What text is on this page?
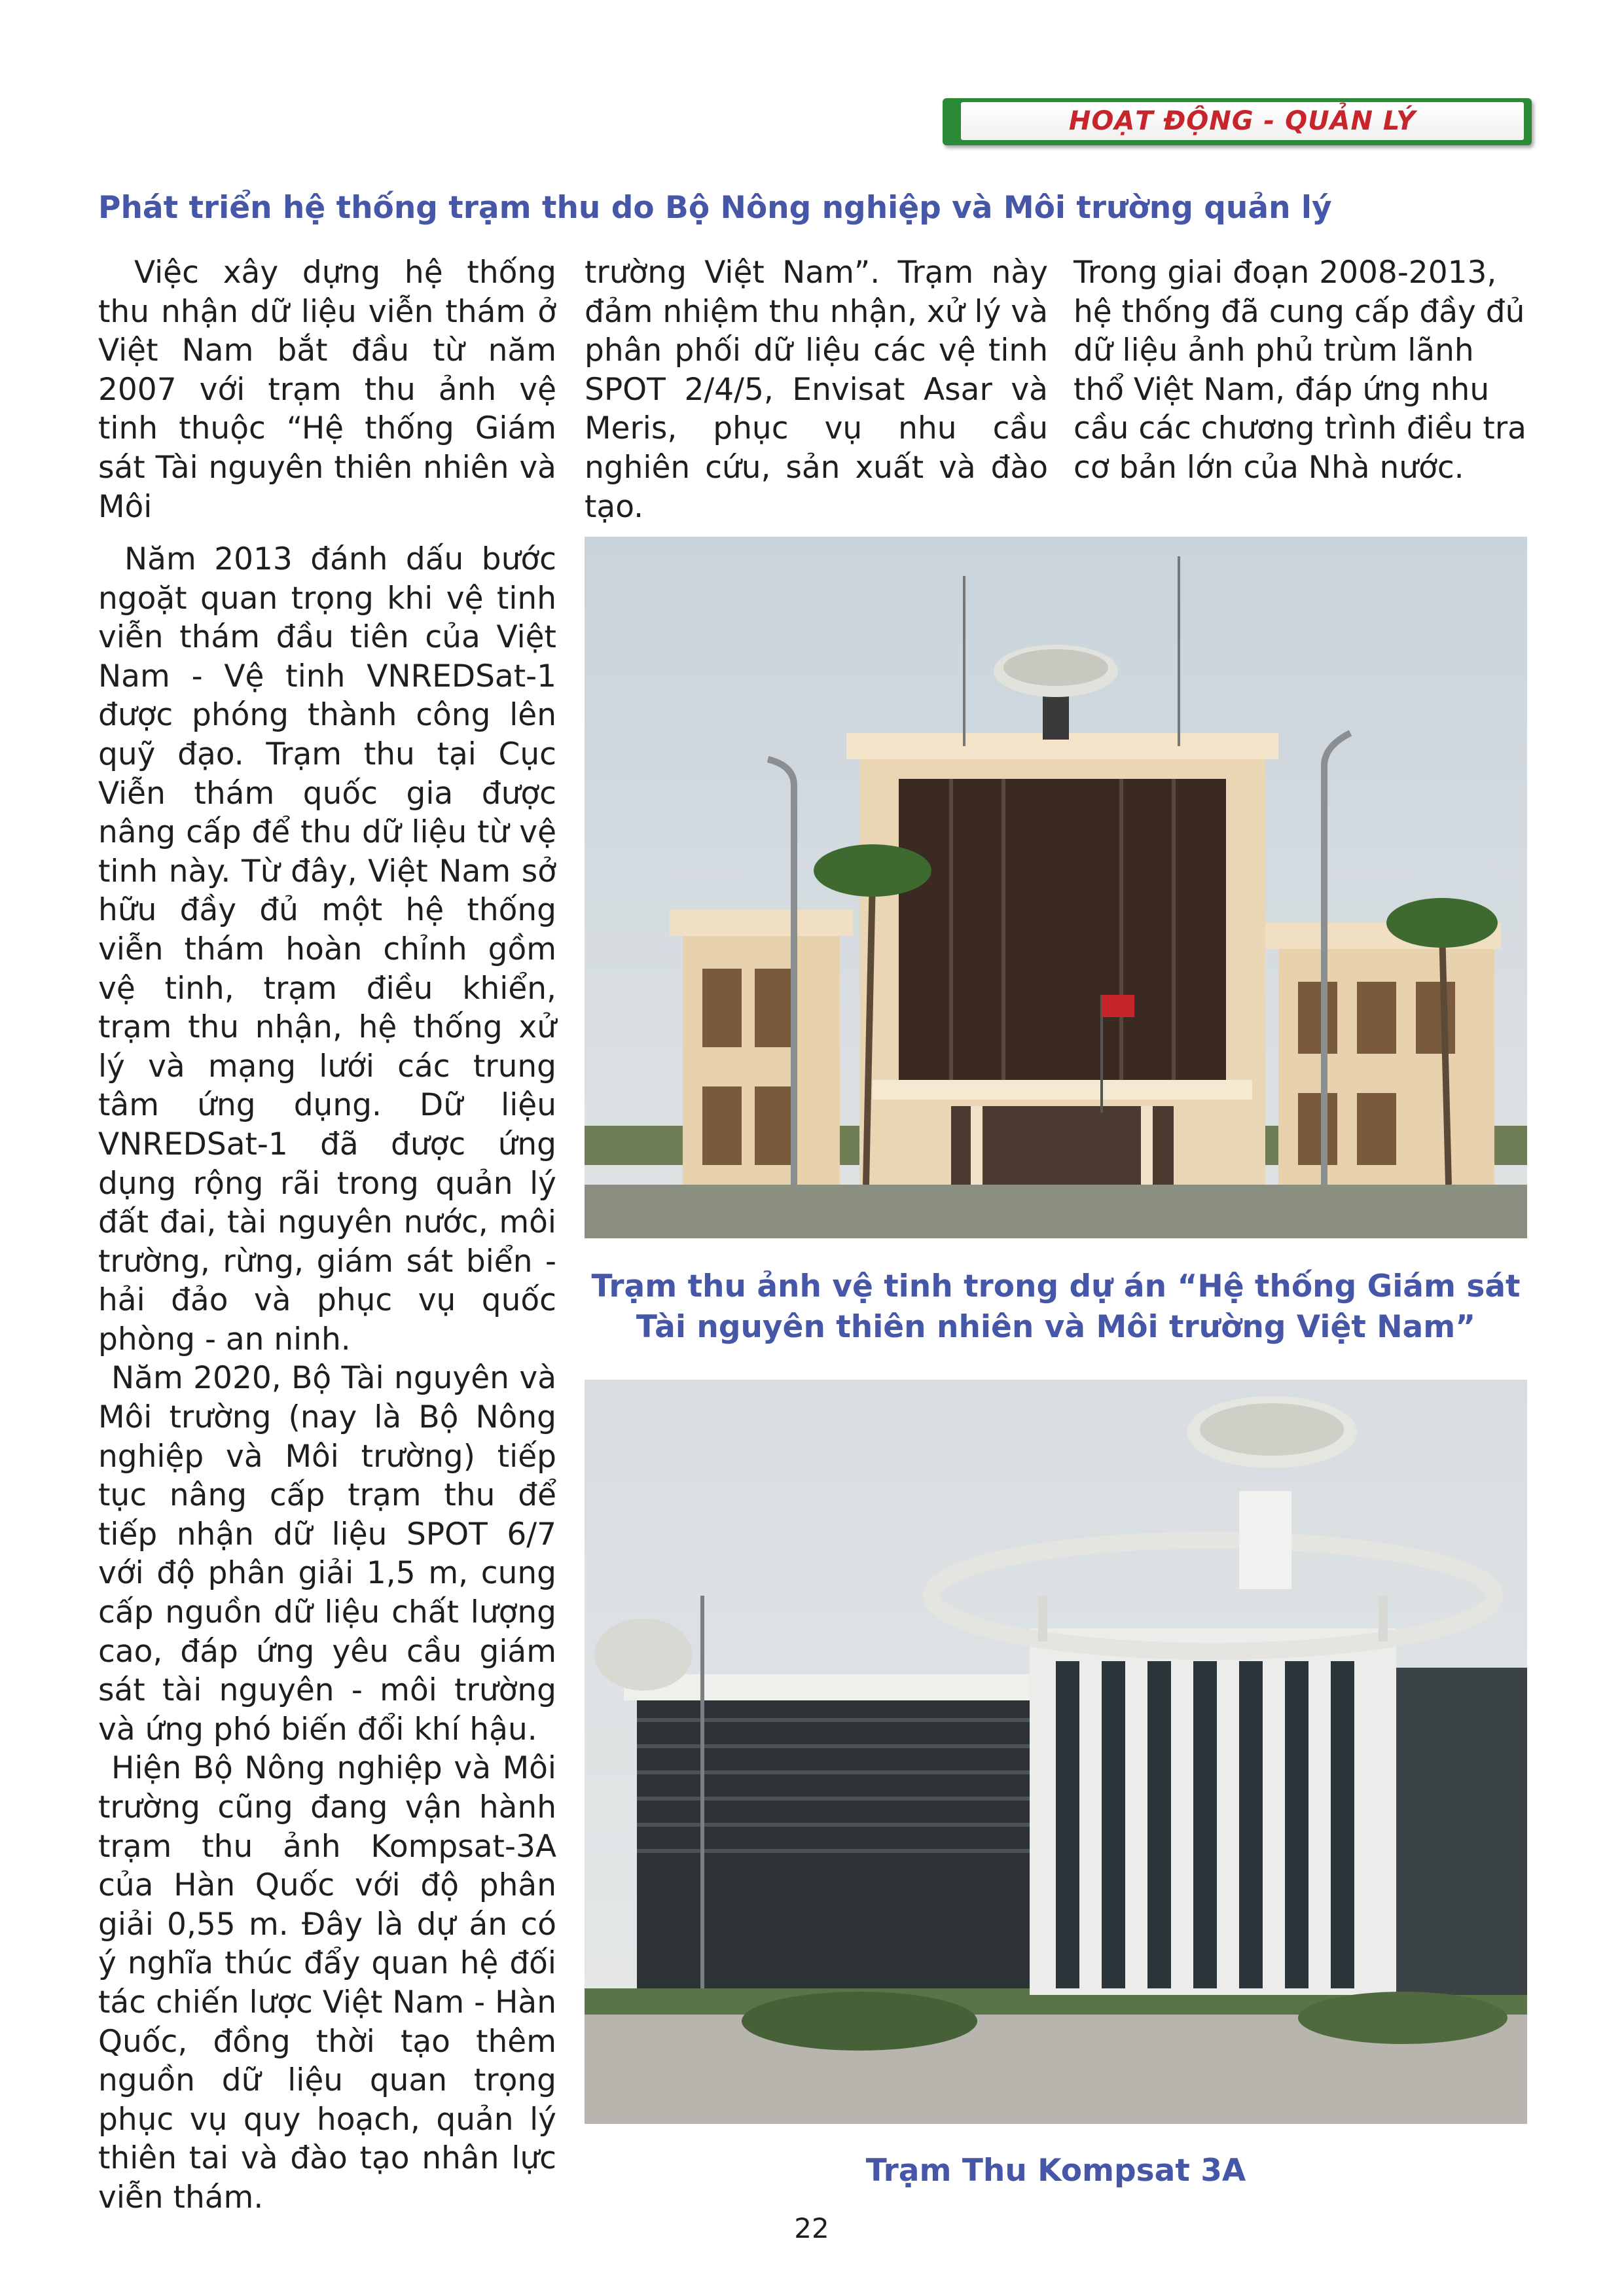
HOẠT ĐỘNG - QUẢN LÝ
Phát triển hệ thống trạm thu do Bộ Nông nghiệp và Môi trường quản lý

Việc xây dựng hệ thống thu nhận dữ liệu viễn thám ở Việt Nam bắt đầu từ năm 2007 với trạm thu ảnh vệ tinh thuộc “Hệ thống Giám sát Tài nguyên thiên nhiên và Môi

trường Việt Nam”. Trạm này đảm nhiệm thu nhận, xử lý và phân phối dữ liệu các vệ tinh SPOT 2/4/5, Envisat Asar và Meris, phục vụ nhu cầu nghiên cứu, sản xuất và đào tạo.

Trong giai đoạn 2008-2013, hệ thống đã cung cấp đầy đủ dữ liệu ảnh phủ trùm lãnh thổ Việt Nam, đáp ứng nhu cầu các chương trình điều tra cơ bản lớn của Nhà nước.

Năm 2013 đánh dấu bước ngoặt quan trọng khi vệ tinh viễn thám đầu tiên của Việt Nam - Vệ tinh VNREDSat-1 được phóng thành công lên quỹ đạo. Trạm thu tại Cục Viễn thám quốc gia được nâng cấp để thu dữ liệu từ vệ tinh này. Từ đây, Việt Nam sở hữu đầy đủ một hệ thống viễn thám hoàn chỉnh gồm vệ tinh, trạm điều khiển, trạm thu nhận, hệ thống xử lý và mạng lưới các trung tâm ứng dụng. Dữ liệu VNREDSat-1 đã được ứng dụng rộng rãi trong quản lý đất đai, tài nguyên nước, môi trường, rừng, giám sát biển - hải đảo và phục vụ quốc phòng - an ninh.

Năm 2020, Bộ Tài nguyên và Môi trường (nay là Bộ Nông nghiệp và Môi trường) tiếp tục nâng cấp trạm thu để tiếp nhận dữ liệu SPOT 6/7 với độ phân giải 1,5 m, cung cấp nguồn dữ liệu chất lượng cao, đáp ứng yêu cầu giám sát tài nguyên - môi trường và ứng phó biến đổi khí hậu.

Hiện Bộ Nông nghiệp và Môi trường cũng đang vận hành trạm thu ảnh Kompsat-3A của Hàn Quốc với độ phân giải 0,55 m. Đây là dự án có ý nghĩa thúc đẩy quan hệ đối tác chiến lược Việt Nam - Hàn Quốc, đồng thời tạo thêm nguồn dữ liệu quan trọng phục vụ quy hoạch, quản lý thiên tai và đào tạo nhân lực viễn thám.

Trạm thu ảnh vệ tinh trong dự án “Hệ thống Giám sát Tài nguyên thiên nhiên và Môi trường Việt Nam”

Trạm Thu Kompsat 3A

22
